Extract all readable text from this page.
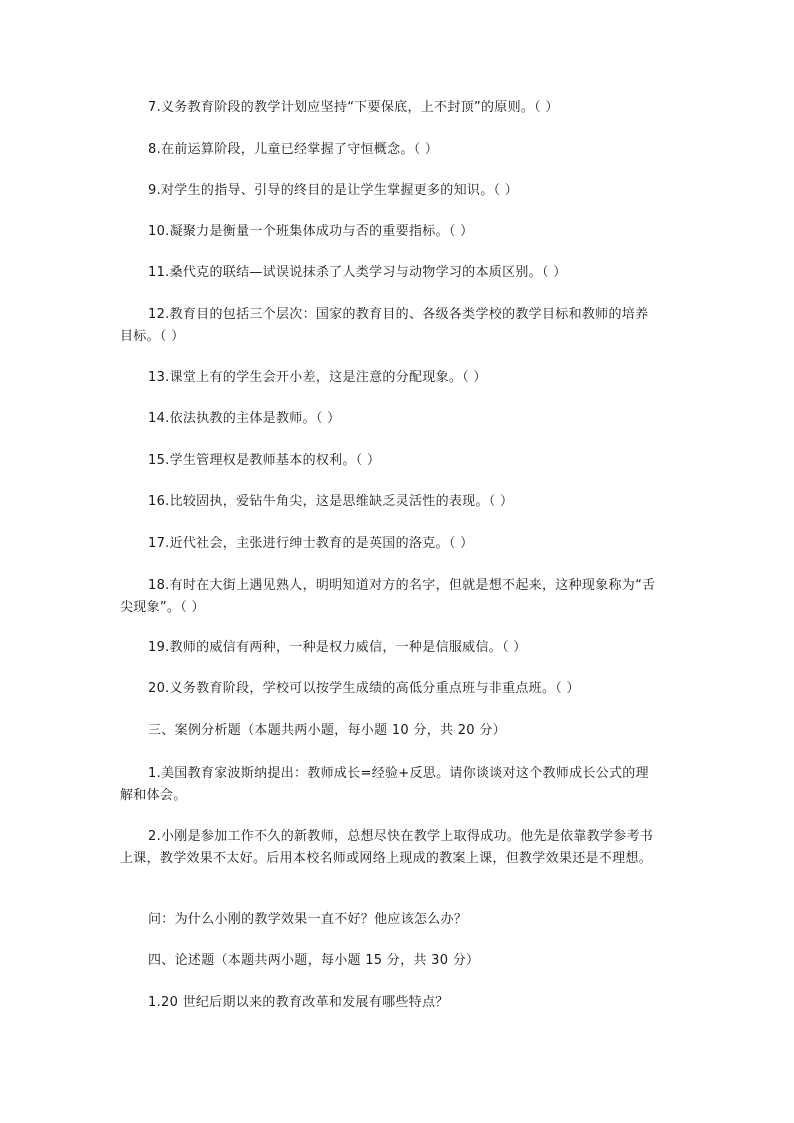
7.义务教育阶段的教学计划应坚持“下要保底，上不封顶”的原则。（ ）

8.在前运算阶段，儿童已经掌握了守恒概念。（ ）

9.对学生的指导、引导的终目的是让学生掌握更多的知识。（ ）

10.凝聚力是衡量一个班集体成功与否的重要指标。（ ）

11.桑代克的联结—试误说抹杀了人类学习与动物学习的本质区别。（ ）

12.教育目的包括三个层次：国家的教育目的、各级各类学校的教学目标和教师的培养目标。（ ）

13.课堂上有的学生会开小差，这是注意的分配现象。（ ）

14.依法执教的主体是教师。（ ）

15.学生管理权是教师基本的权利。（ ）

16.比较固执，爱钻牛角尖，这是思维缺乏灵活性的表现。（ ）

17.近代社会，主张进行绅士教育的是英国的洛克。（ ）

18.有时在大街上遇见熟人，明明知道对方的名字，但就是想不起来，这种现象称为“舌尖现象”。（ ）

19.教师的威信有两种，一种是权力威信，一种是信服威信。（ ）

20.义务教育阶段，学校可以按学生成绩的高低分重点班与非重点班。（ ）

三、案例分析题（本题共两小题，每小题 10 分，共 20 分）

1.美国教育家波斯纳提出：教师成长=经验+反思。请你谈谈对这个教师成长公式的理解和体会。

2.小刚是参加工作不久的新教师，总想尽快在教学上取得成功。他先是依靠教学参考书上课，教学效果不太好。后用本校名师或网络上现成的教案上课，但教学效果还是不理想。

问：为什么小刚的教学效果一直不好？他应该怎么办？

四、论述题（本题共两小题，每小题 15 分，共 30 分）

1.20 世纪后期以来的教育改革和发展有哪些特点？
